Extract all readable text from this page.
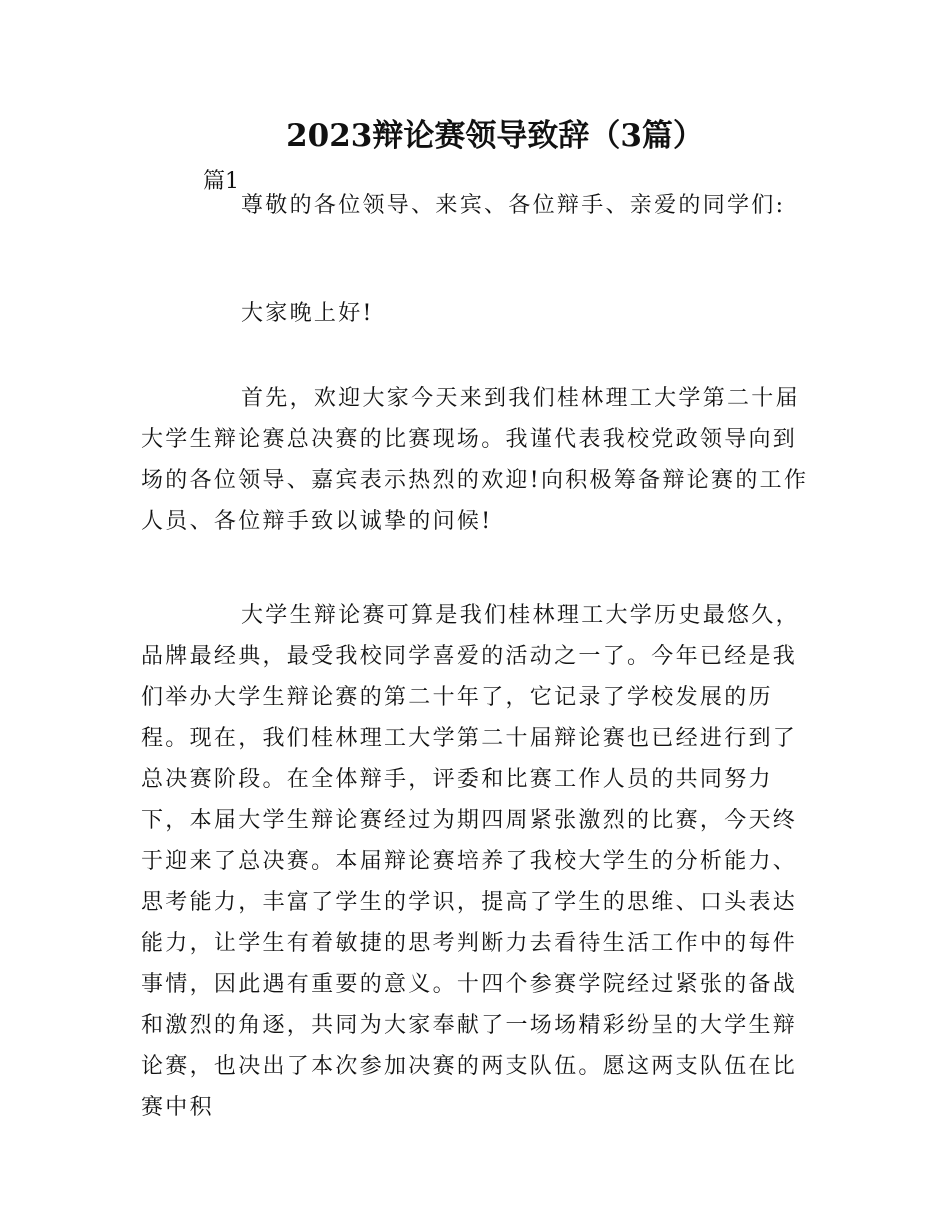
2023辩论赛领导致辞（3篇）

篇1

尊敬的各位领导、来宾、各位辩手、亲爱的同学们:

大家晚上好!

首先，欢迎大家今天来到我们桂林理工大学第二十届大学生辩论赛总决赛的比赛现场。我谨代表我校党政领导向到场的各位领导、嘉宾表示热烈的欢迎!向积极筹备辩论赛的工作人员、各位辩手致以诚挚的问候!

大学生辩论赛可算是我们桂林理工大学历史最悠久，品牌最经典，最受我校同学喜爱的活动之一了。今年已经是我们举办大学生辩论赛的第二十年了，它记录了学校发展的历程。现在，我们桂林理工大学第二十届辩论赛也已经进行到了总决赛阶段。在全体辩手，评委和比赛工作人员的共同努力下，本届大学生辩论赛经过为期四周紧张激烈的比赛，今天终于迎来了总决赛。本届辩论赛培养了我校大学生的分析能力、思考能力，丰富了学生的学识，提高了学生的思维、口头表达能力，让学生有着敏捷的思考判断力去看待生活工作中的每件事情，因此遇有重要的意义。十四个参赛学院经过紧张的备战和激烈的角逐，共同为大家奉献了一场场精彩纷呈的大学生辩论赛，也决出了本次参加决赛的两支队伍。愿这两支队伍在比赛中积
